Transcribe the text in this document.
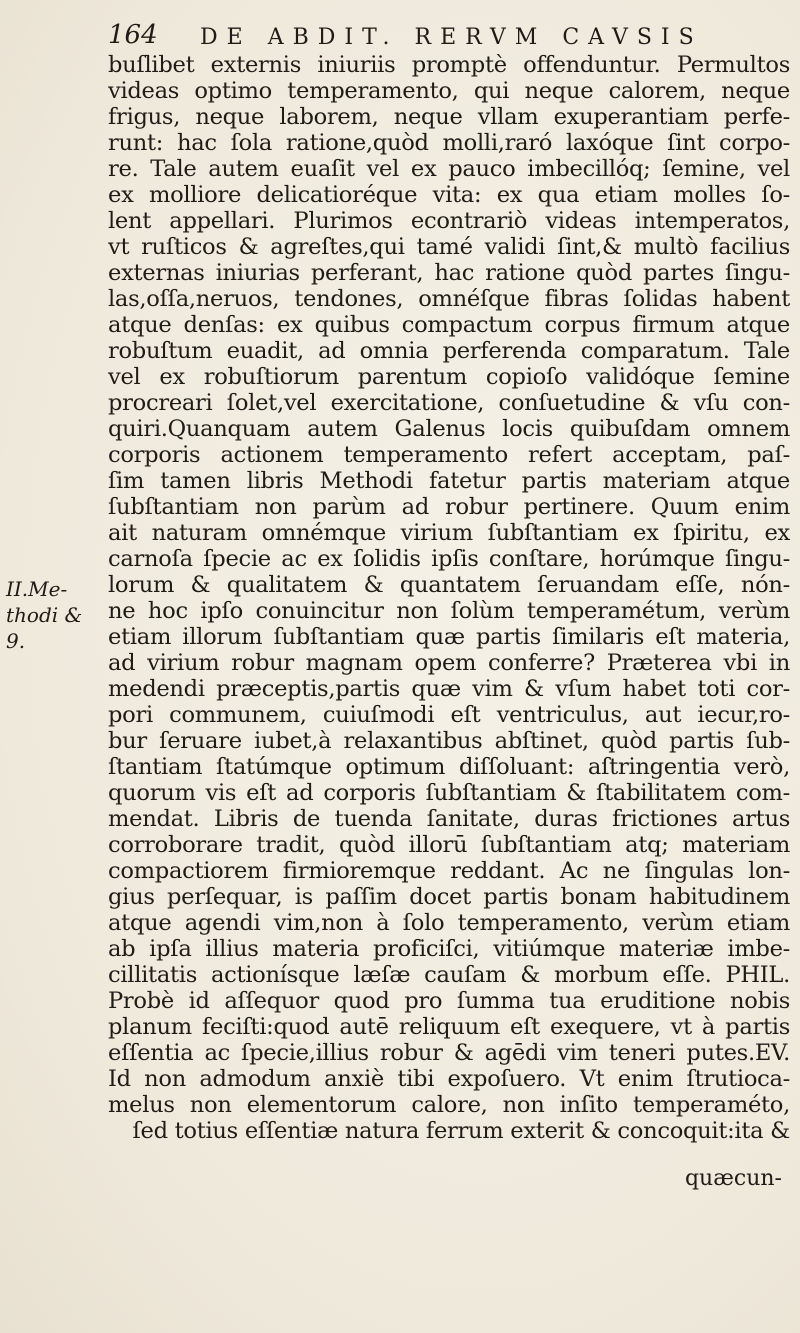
164	DE ABDIT. RERVM CAVSIS
II.Me-
thodi &
9.
buſlibet externis iniuriis promptè offenduntur. Permultos
videas optimo temperamento, qui neque calorem, neque
frigus, neque laborem, neque vllam exuperantiam perfe-
runt: hac ſola ratione,quòd molli,raró laxóque ſint corpo-
re. Tale autem euaſit vel ex pauco imbecillóq; ſemine, vel
ex molliore delicatioréque vita: ex qua etiam molles ſo-
lent appellari. Plurimos econtrariò videas intemperatos,
vt ruſticos & agreſtes,qui tamé validi ſint,& multò facilius
externas iniurias perferant, hac ratione quòd partes ſingu-
las,oſſa,neruos, tendones, omnéſque fibras ſolidas habent
atque denſas: ex quibus compactum corpus firmum atque
robuſtum euadit, ad omnia perferenda comparatum. Tale
vel ex robuſtiorum parentum copioſo validóque ſemine
procreari ſolet,vel exercitatione, conſuetudine & vſu con-
quiri.Quanquam autem Galenus locis quibuſdam omnem
corporis actionem temperamento refert acceptam, paſ-
ſim tamen libris Methodi fatetur partis materiam atque
ſubſtantiam non parùm ad robur pertinere. Quum enim
ait naturam omnémque virium ſubſtantiam ex ſpiritu, ex
carnoſa ſpecie ac ex ſolidis ipſis conſtare, horúmque ſingu-
lorum & qualitatem & quantatem ſeruandam eſſe, nón-
ne hoc ipſo conuincitur non ſolùm temperamétum, verùm
etiam illorum ſubſtantiam quæ partis ſimilaris eſt materia,
ad virium robur magnam opem conferre? Præterea vbi in
medendi præceptis,partis quæ vim & vſum habet toti cor-
pori communem, cuiuſmodi eſt ventriculus, aut iecur,ro-
bur ſeruare iubet,à relaxantibus abſtinet, quòd partis ſub-
ſtantiam ſtatúmque optimum diſſoluant: aſtringentia verò,
quorum vis eſt ad corporis ſubſtantiam & ſtabilitatem com-
mendat. Libris de tuenda ſanitate, duras frictiones artus
corroborare tradit, quòd illorū ſubſtantiam atq; materiam
compactiorem firmioremque reddant. Ac ne ſingulas lon-
gius perſequar, is paſſim docet partis bonam habitudinem
atque agendi vim,non à ſolo temperamento, verùm etiam
ab ipſa illius materia proficiſci, vitiúmque materiæ imbe-
cillitatis actionísque læſæ cauſam & morbum eſſe. PHIL.
Probè id aſſequor quod pro ſumma tua eruditione nobis
planum feciſti:quod autē reliquum eſt exequere, vt à partis
eſſentia ac ſpecie,illius robur & agēdi vim teneri putes.EV.
Id non admodum anxiè tibi expoſuero. Vt enim ſtrutioca-
melus non elementorum calore, non inſito temperaméto,
ſed totius eſſentiæ natura ferrum exterit & concoquit:ita &
quæcun-
